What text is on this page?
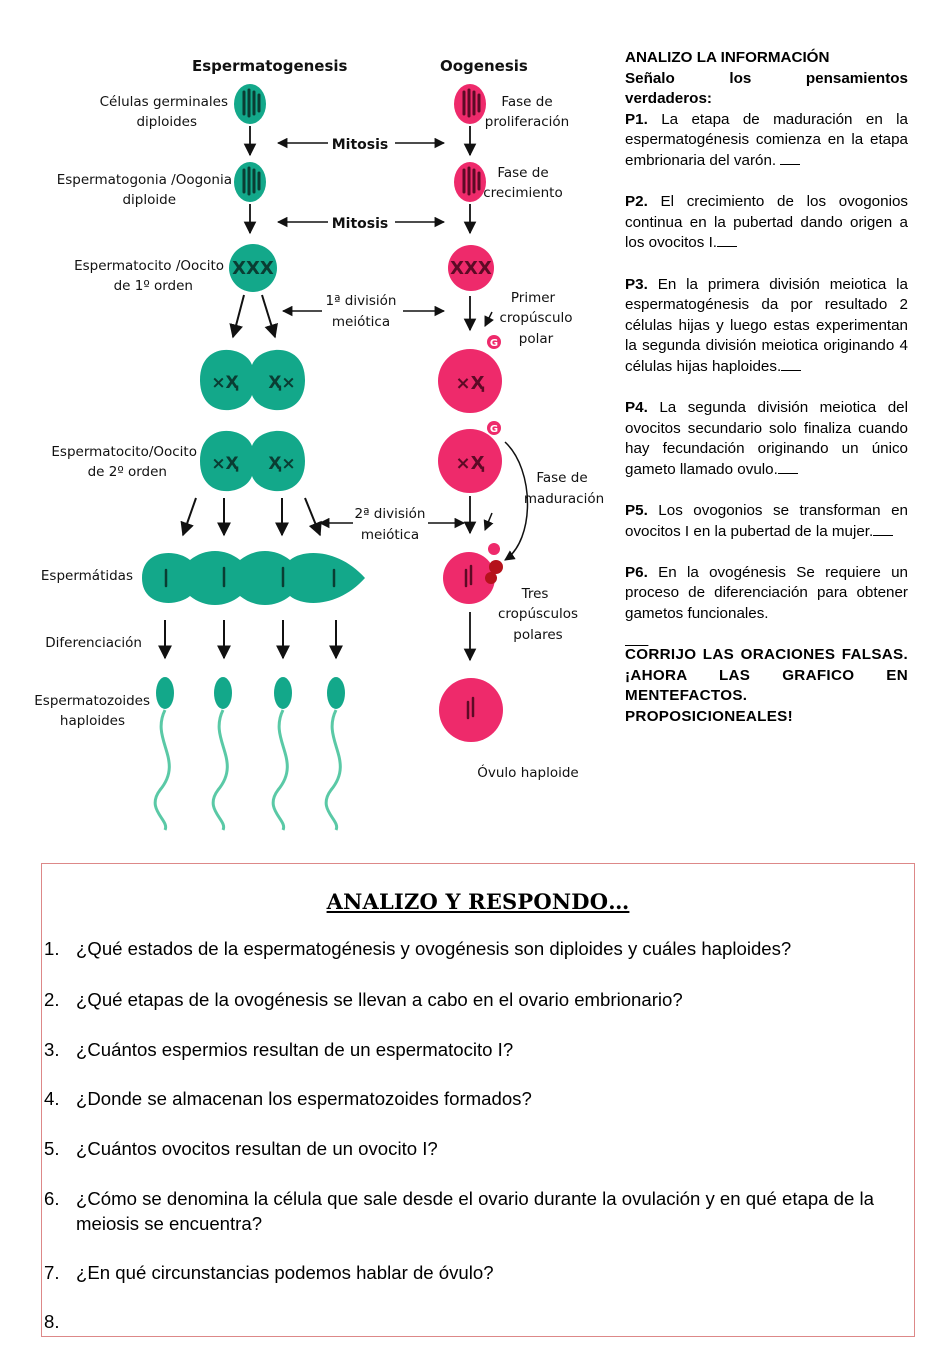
Espermatogenesis	Oogenesis
Células germinales
diploides
Espermatogonia /Oogonia
diploide
Espermatocito /Oocito
de 1º orden
Espermatocito/Oocito
de 2º orden
Espermátidas
Diferenciación
Espermatozoides
haploides
Mitosis
Mitosis
1ª división
meiótica
2ª división
meiótica
XXX
×Ҳ Ҳ×
×Ҳ Ҳ×
XXX
G
×Ҳ
×Ҳ
G
Fase de
proliferación
Fase de
crecimiento
Primer
cropúsculo
polar
Fase de
maduración
Tres
cropúsculos
polares
Óvulo haploide
ANALIZO LA INFORMACIÓN
Señalo los pensamientos
verdaderos:

P1. La etapa de maduración en la espermatogénesis comienza en la etapa embrionaria del varón.

P2. El crecimiento de los ovogonios continua en la pubertad dando origen a los ovocitos I.

P3. En la primera división meiotica la espermatogénesis da por resultado 2 células hijas y luego estas experimentan la segunda división meiotica originando 4 células hijas haploides.

P4. La segunda división meiotica del ovocitos secundario solo finaliza cuando hay fecundación originando un único gameto llamado ovulo.

P5. Los ovogonios se transforman en ovocitos I en la pubertad de la mujer.

P6. En la ovogénesis Se requiere un proceso de diferenciación para obtener gametos funcionales.

$\overline{CO}RRIJO$ LAS ORACIONES FALSAS. ¡AHORA LAS GRAFICO EN MENTEFACTOS. PROPOSICIONEALES!
ANALIZO Y RESPONDO…
1. ¿Qué estados de la espermatogénesis y ovogénesis son diploides y cuáles haploides?
2. ¿Qué etapas de la ovogénesis se llevan a cabo en el ovario embrionario?
3. ¿Cuántos espermios resultan de un espermatocito I?
4. ¿Donde se almacenan los espermatozoides formados?
5. ¿Cuántos ovocitos resultan de un ovocito I?
6. ¿Cómo se denomina la célula que sale desde el ovario durante la ovulación y en qué etapa de la meiosis se encuentra?
7. ¿En qué circunstancias podemos hablar de óvulo?
8.
